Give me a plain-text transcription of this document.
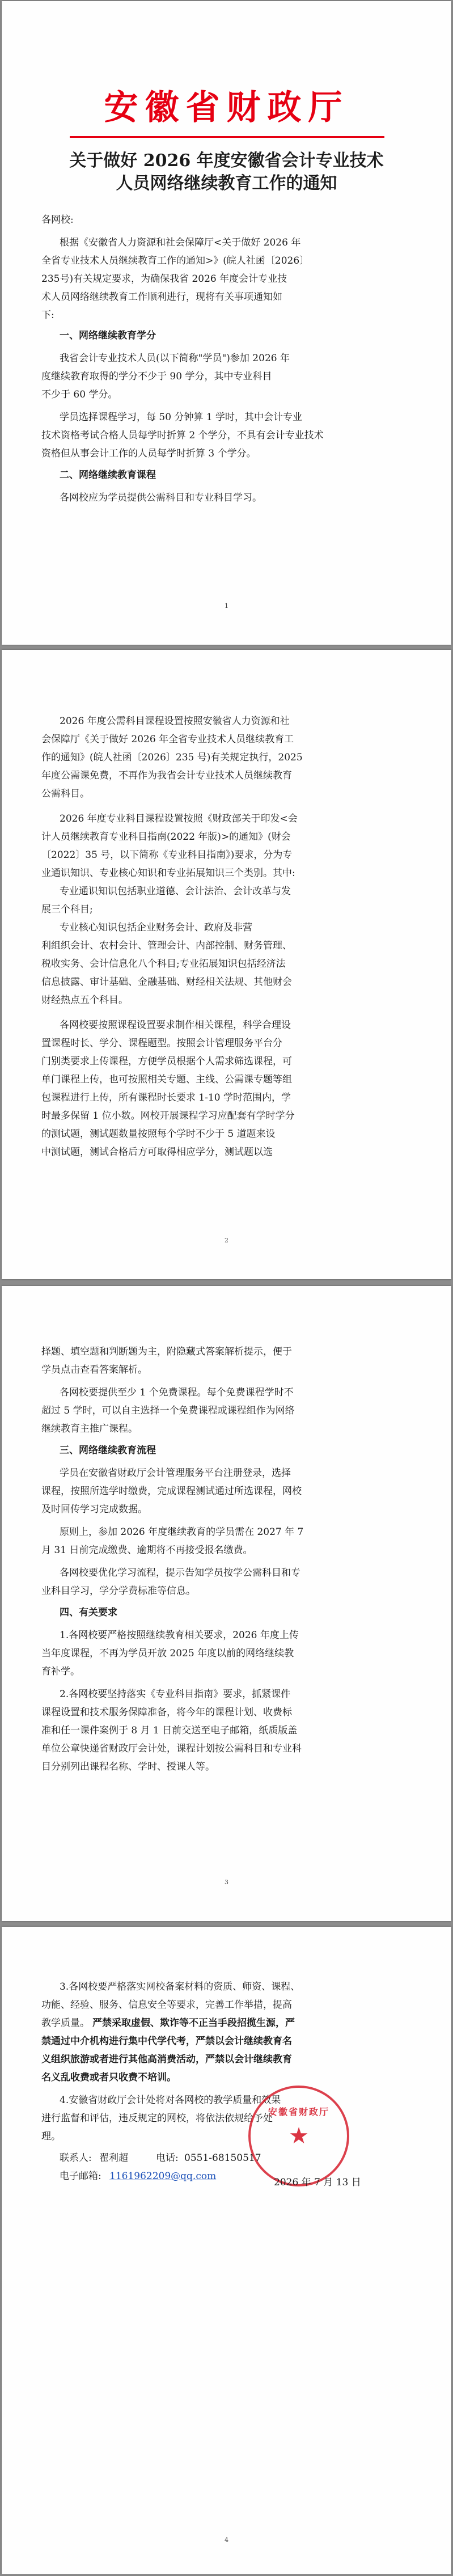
安徽省财政厅
关于做好 2026 年度安徽省会计专业技术
人员网络继续教育工作的通知
各网校:
根据《安徽省人力资源和社会保障厅<关于做好 2026 年
全省专业技术人员继续教育工作的通知>》(皖人社函〔2026〕
235号)有关规定要求，为确保我省 2026 年度会计专业技
术人员网络继续教育工作顺利进行，现将有关事项通知如
下:
一、网络继续教育学分
我省会计专业技术人员(以下简称"学员")参加 2026 年
度继续教育取得的学分不少于 90 学分，其中专业科目
不少于 60 学分。
学员选择课程学习，每 50 分钟算 1 学时，其中会计专业
技术资格考试合格人员每学时折算 2 个学分，不具有会计专业技术
资格但从事会计工作的人员每学时折算 3 个学分。
二、网络继续教育课程
各网校应为学员提供公需科目和专业科目学习。
1
2026 年度公需科目课程设置按照安徽省人力资源和社
会保障厅《关于做好 2026 年全省专业技术人员继续教育工
作的通知》(皖人社函〔2026〕235 号)有关规定执行，2025
年度公需课免费，不再作为我省会计专业技术人员继续教育
公需科目。
2026 年度专业科目课程设置按照《财政部关于印发<会
计人员继续教育专业科目指南(2022 年版)>的通知》(财会
〔2022〕35 号，以下简称《专业科目指南》)要求，分为专
业通识知识、专业核心知识和专业拓展知识三个类别。其中:
专业通识知识包括职业道德、会计法治、会计改革与发
展三个科目;
专业核心知识包括企业财务会计、政府及非营
利组织会计、农村会计、管理会计、内部控制、财务管理、
税收实务、会计信息化八个科目;专业拓展知识包括经济法
信息披露、审计基础、金融基础、财经相关法规、其他财会
财经热点五个科目。
各网校要按照课程设置要求制作相关课程，科学合理设
置课程时长、学分、课程题型。按照会计管理服务平台分
门别类要求上传课程，方便学员根据个人需求筛选课程，可
单门课程上传，也可按照相关专题、主线、公需课专题等组
包课程进行上传，所有课程时长要求 1-10 学时范围内，学
时最多保留 1 位小数。网校开展课程学习应配套有学时学分
的测试题，测试题数量按照每个学时不少于 5 道题来设
中测试题，测试合格后方可取得相应学分，测试题以选
2
择题、填空题和判断题为主，附隐藏式答案解析提示，便于
学员点击查看答案解析。
各网校要提供至少 1 个免费课程。每个免费课程学时不
超过 5 学时，可以自主选择一个免费课程或课程组作为网络
继续教育主推广课程。
三、网络继续教育流程
学员在安徽省财政厅会计管理服务平台注册登录，选择
课程，按照所选学时缴费，完成课程测试通过所选课程，网校
及时回传学习完成数据。
原则上，参加 2026 年度继续教育的学员需在 2027 年 7
月 31 日前完成缴费、逾期将不再接受报名缴费。
各网校要优化学习流程，提示告知学员按学公需科目和专
业科目学习，学分学费标准等信息。
四、有关要求
1.各网校要严格按照继续教育相关要求，2026 年度上传
当年度课程，不再为学员开放 2025 年度以前的网络继续教
育补学。
2.各网校要坚持落实《专业科目指南》要求，抓紧课件
课程设置和技术服务保障准备，将今年的课程计划、收费标
准和任一课件案例于 8 月 1 日前交送至电子邮箱，纸质版盖
单位公章快递省财政厅会计处，课程计划按公需科目和专业科
目分别列出课程名称、学时、授课人等。
3
3.各网校要严格落实网校备案材料的资质、师资、课程、
功能、经验、服务、信息安全等要求，完善工作举措，提高
教学质量。 严禁采取虚假、欺诈等不正当手段招揽生源，严
禁通过中介机构进行集中代学代考，严禁以会计继续教育名
义组织旅游或者进行其他高消费活动，严禁以会计继续教育
名义乱收费或者只收费不培训。
4.安徽省财政厅会计处将对各网校的教学质量和效果
进行监督和评估，违反规定的网校，将依法依规给予处
理。
安徽省财政厅
★
联系人: 翟利超	电话: 0551-68150517
电子邮箱: 1161962209@qq.com
2026 年 7 月 13 日
4
